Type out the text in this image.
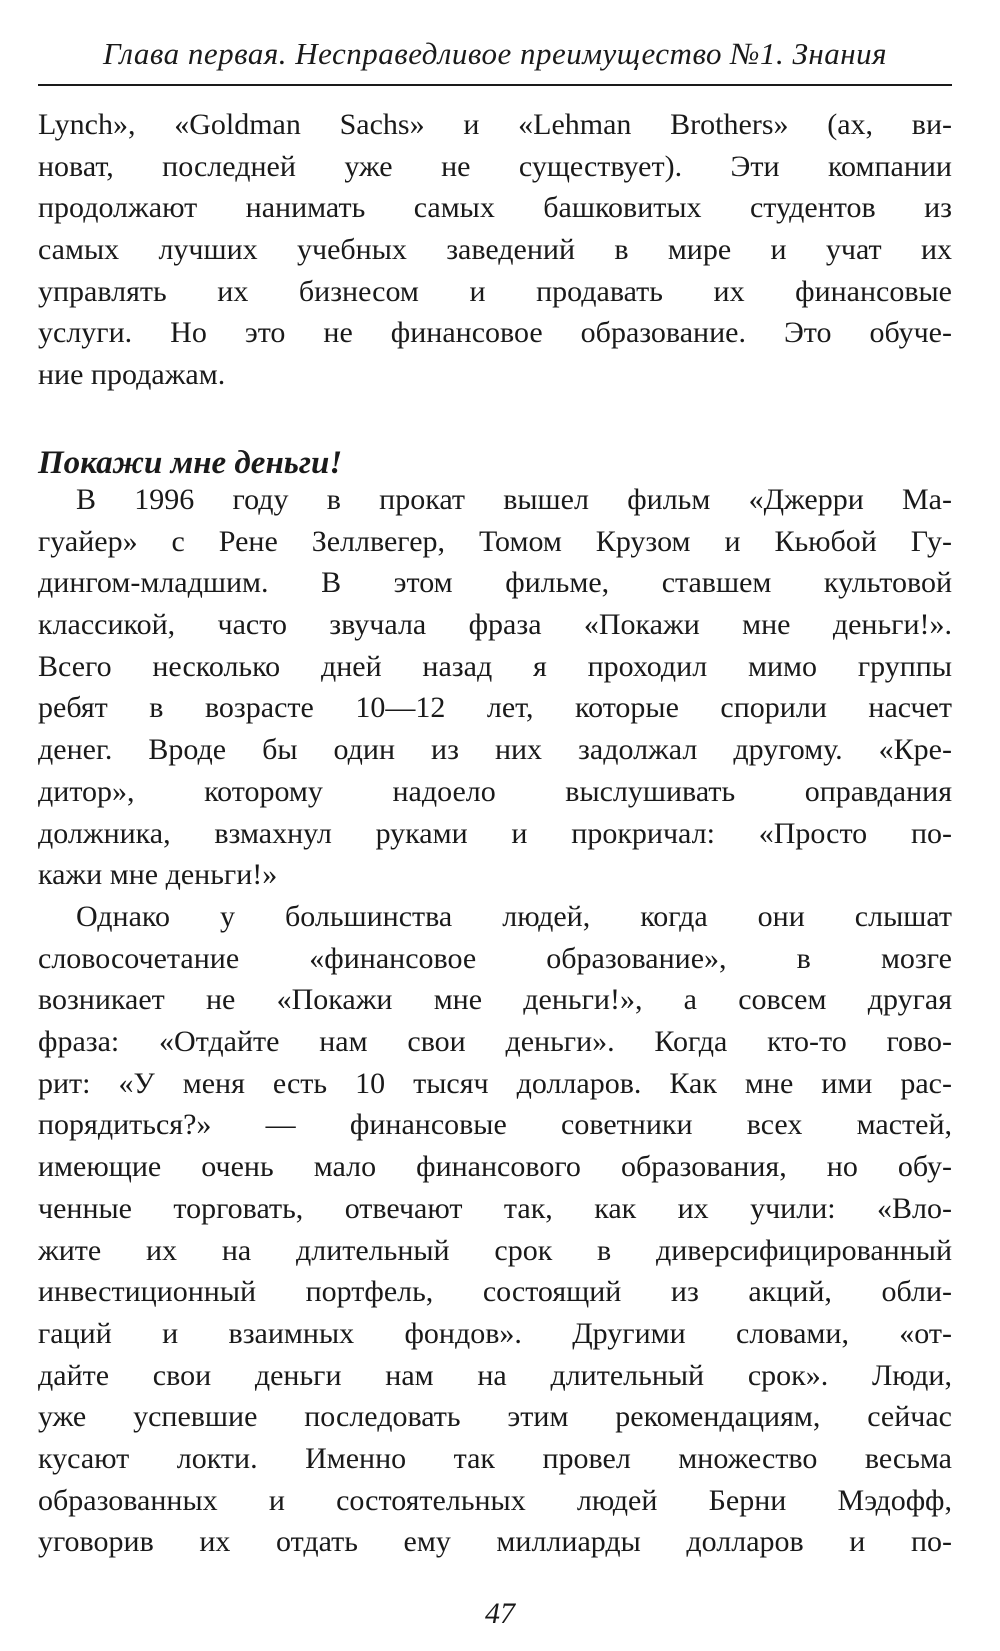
Глава первая. Несправедливое преимущество №1. Знания
Lynch», «Goldman Sachs» и «Lehman Brothers» (ах, ви-
новат, последней уже не существует). Эти компании
продолжают нанимать самых башковитых студентов из
самых лучших учебных заведений в мире и учат их
управлять их бизнесом и продавать их финансовые
услуги. Но это не финансовое образование. Это обуче-
ние продажам.
Покажи мне деньги!
В 1996 году в прокат вышел фильм «Джерри Ма-
гуайер» с Рене Зеллвегер, Томом Крузом и Кьюбой Гу-
дингом-младшим. В этом фильме, ставшем культовой
классикой, часто звучала фраза «Покажи мне деньги!».
Всего несколько дней назад я проходил мимо группы
ребят в возрасте 10—12 лет, которые спорили насчет
денег. Вроде бы один из них задолжал другому. «Кре-
дитор», которому надоело выслушивать оправдания
должника, взмахнул руками и прокричал: «Просто по-
кажи мне деньги!»
Однако у большинства людей, когда они слышат
словосочетание «финансовое образование», в мозге
возникает не «Покажи мне деньги!», а совсем другая
фраза: «Отдайте нам свои деньги». Когда кто-то гово-
рит: «У меня есть 10 тысяч долларов. Как мне ими рас-
порядиться?» — финансовые советники всех мастей,
имеющие очень мало финансового образования, но обу-
ченные торговать, отвечают так, как их учили: «Вло-
жите их на длительный срок в диверсифицированный
инвестиционный портфель, состоящий из акций, обли-
гаций и взаимных фондов». Другими словами, «от-
дайте свои деньги нам на длительный срок». Люди,
уже успевшие последовать этим рекомендациям, сейчас
кусают локти. Именно так провел множество весьма
образованных и состоятельных людей Берни Мэдофф,
уговорив их отдать ему миллиарды долларов и по-
47
